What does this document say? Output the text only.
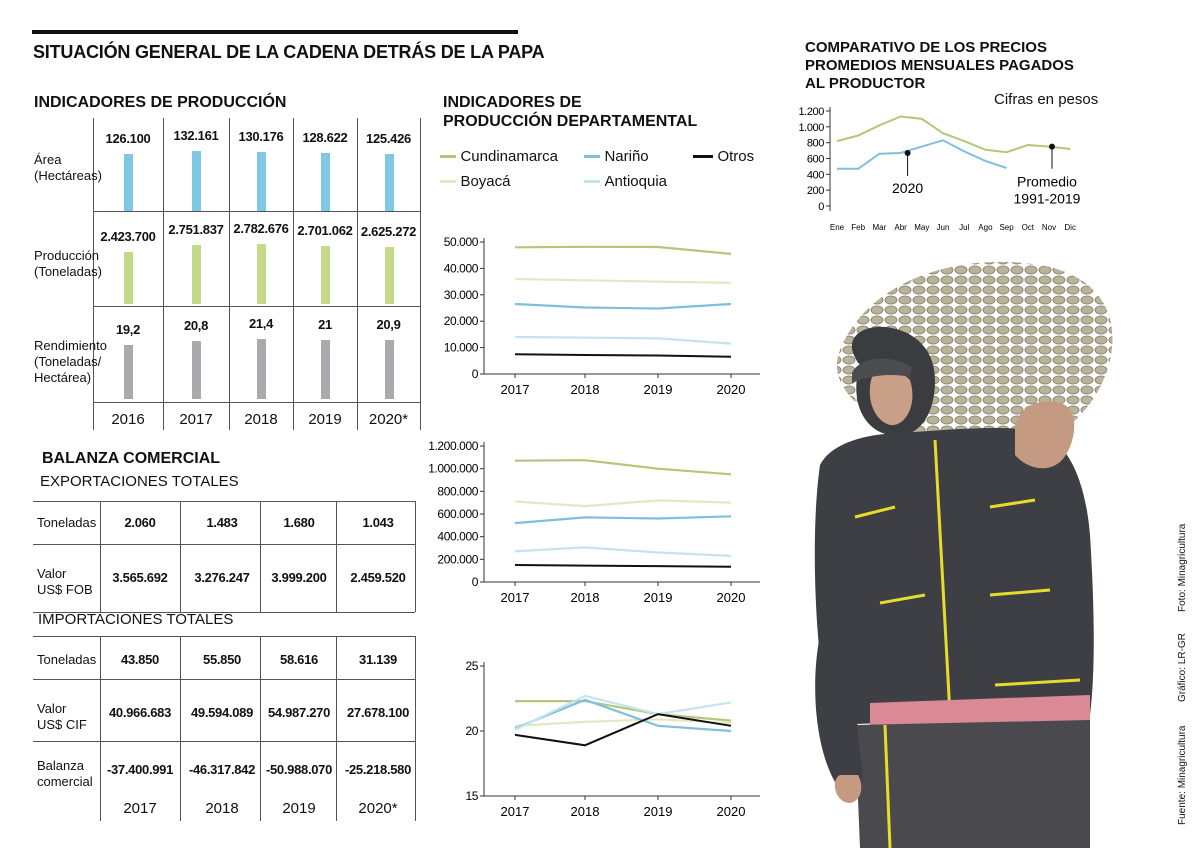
SITUACIÓN GENERAL DE LA CADENA DETRÁS DE LA PAPA
INDICADORES DE PRODUCCIÓN
BALANZA COMERCIAL
EXPORTACIONES TOTALES
IMPORTACIONES TOTALES
INDICADORES DE
PRODUCCIÓN DEPARTAMENTAL
Cundinamarca	Nariño	Otros
Boyacá	Antioquia
0
10.000
20.000
30.000
40.000
50.000
2017	2018	2019	2020
0
200.000
400.000
600.000
800.000
1.000.000
1.200.000
2017	2018	2019	2020
15
20
25
2017	2018	2019	2020
COMPARATIVO DE LOS PRECIOS
PROMEDIOS MENSUALES PAGADOS
AL PRODUCTOR
Cifras en pesos
0
200
400
600
800
1.000
1.200
Ene Feb Mar Abr May Jun Jul Ago Sep Oct Nov Dic
2020	Promedio
1991-2019
Foto: Minagricultura
Gráfico: LR-GR
Fuente: Minagricultura
Área
(Hectáreas)
126.100	132.161	130.176	128.622	125.426
Producción
(Toneladas)
2.423.700 2.751.837 2.782.676 2.701.062 2.625.272
Rendimiento
(Toneladas/
Hectárea)
19,2	20,8	21,4	21	20,9
2016	2017	2018	2019	2020*
Toneladas	2.060	1.483	1.680	1.043
Valor
US$ FOB
3.565.692	3.276.247	3.999.200	2.459.520
Toneladas	43.850	55.850	58.616	31.139
Valor
US$ CIF
40.966.683	49.594.089	54.987.270	27.678.100
Balanza
comercial
-37.400.991	-46.317.842 -50.988.070 -25.218.580
2017	2018	2019	2020*
